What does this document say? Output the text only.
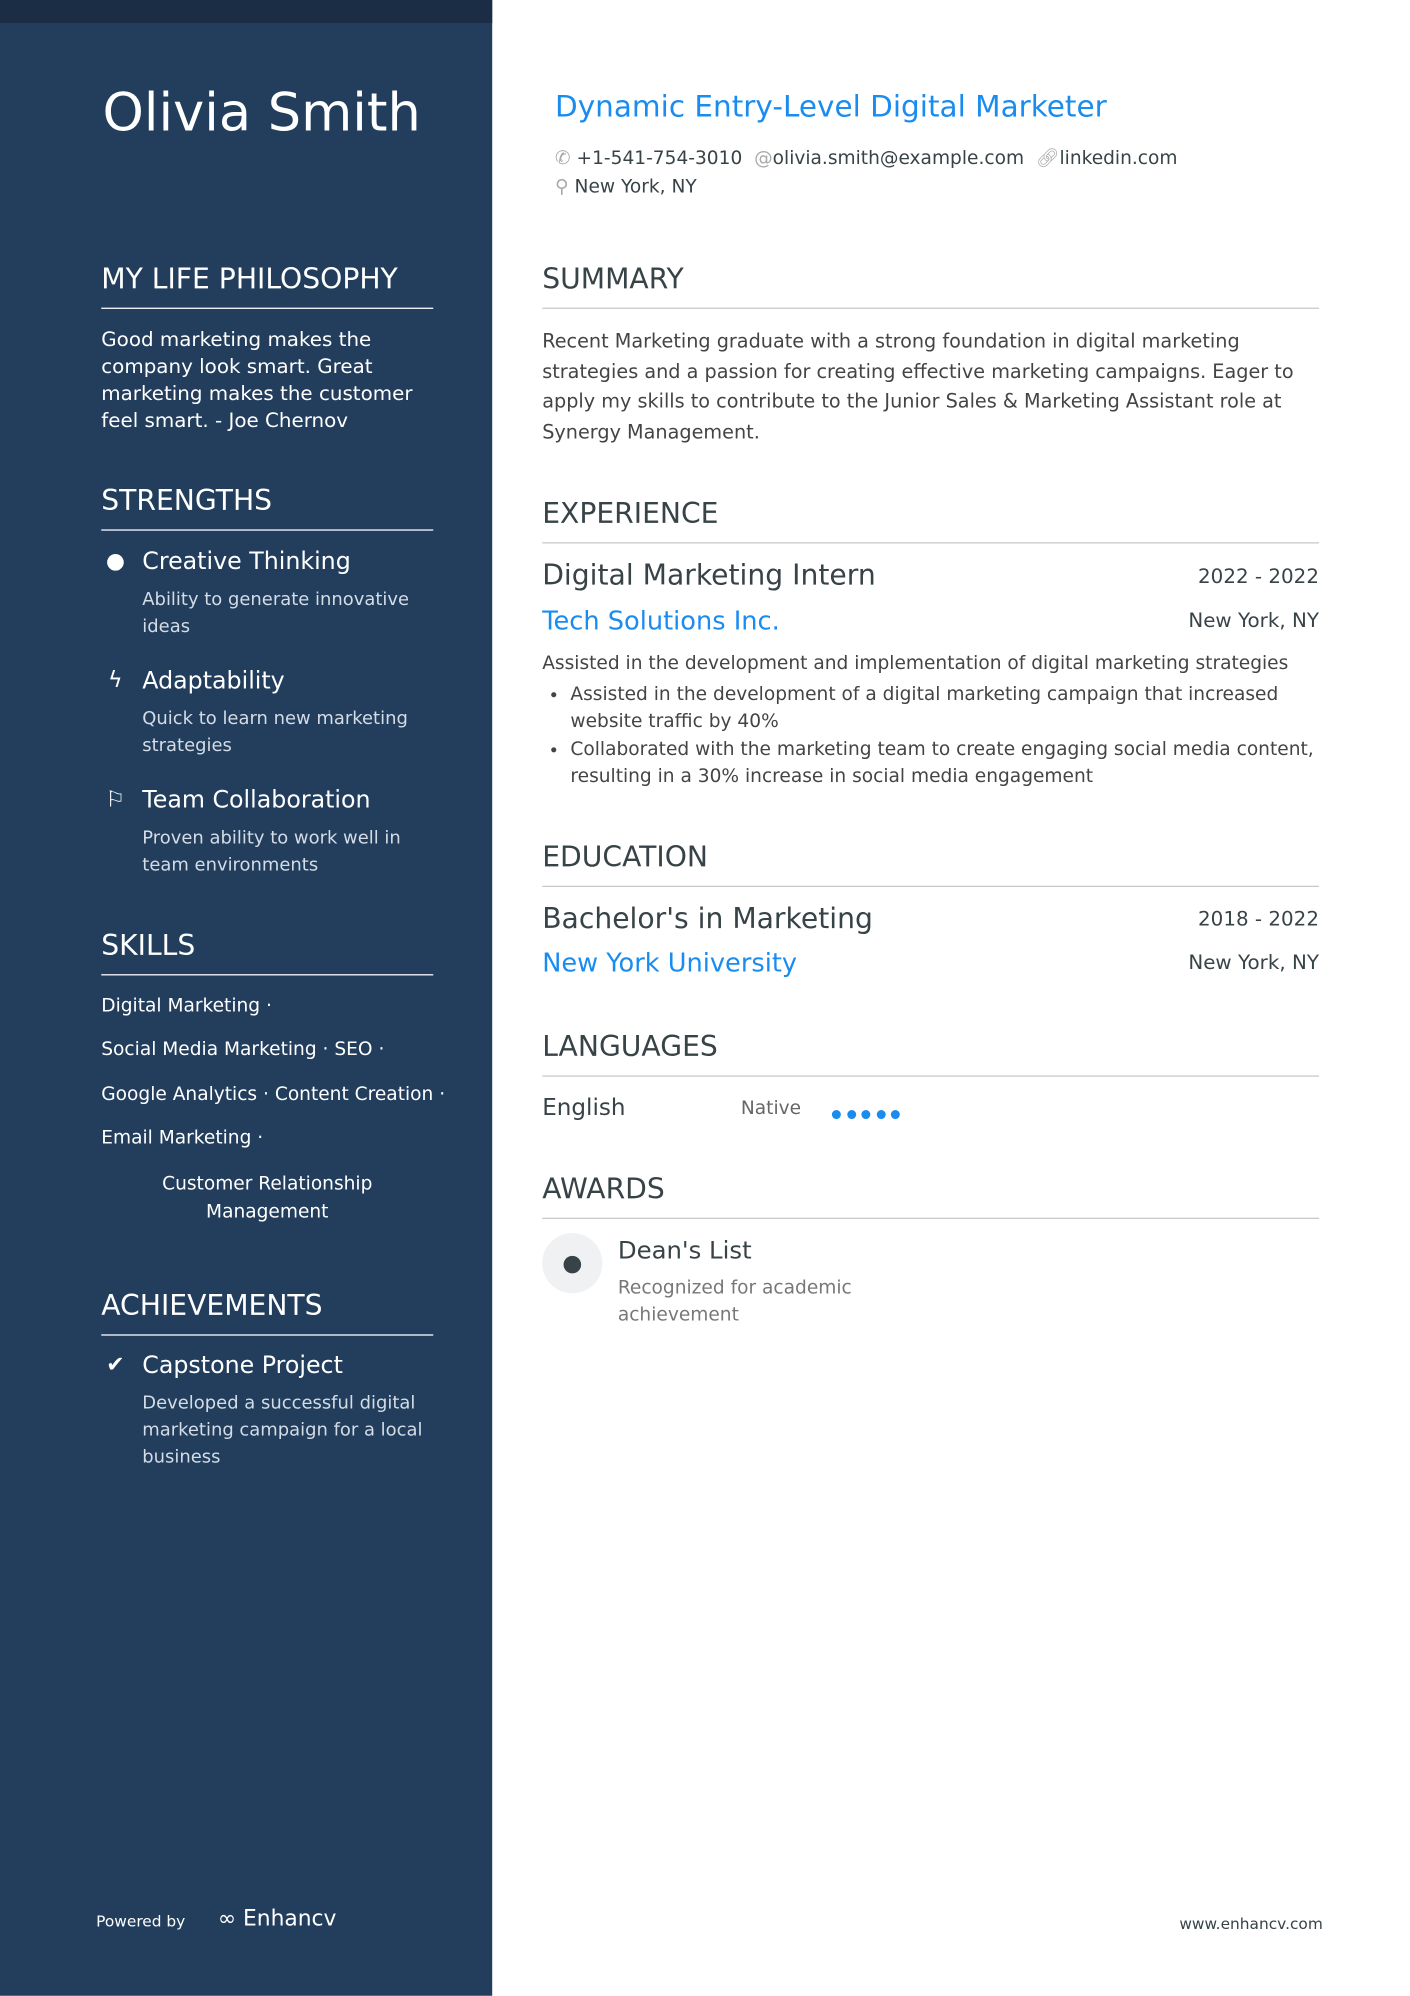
Olivia Smith
MY LIFE PHILOSOPHY
Good marketing makes the company look smart. Great marketing makes the customer feel smart. - Joe Chernov
STRENGTHS
● Creative Thinking
Ability to generate innovative ideas
ϟ	Adaptability
Quick to learn new marketing strategies
⚐ Team Collaboration
Proven ability to work well in team environments
SKILLS
Digital Marketing ·
Social Media Marketing · SEO ·
Google Analytics · Content Creation ·
Email Marketing ·
Customer Relationship Management
ACHIEVEMENTS
✔ Capstone Project
Developed a successful digital marketing campaign for a local business
Powered by ∞ Enhancv
Dynamic Entry-Level Digital Marketer
✆ +1-541-754-3010 @olivia.smith@example.com 🔗︎linkedin.com
⚲ New York, NY
SUMMARY
Recent Marketing graduate with a strong foundation in digital marketing strategies and a passion for creating effective marketing campaigns. Eager to apply my skills to contribute to the Junior Sales & Marketing Assistant role at Synergy Management.
EXPERIENCE
Digital Marketing Intern	2022 - 2022
Tech Solutions Inc.	New York, NY
Assisted in the development and implementation of digital marketing strategies
• Assisted in the development of a digital marketing campaign that increased website traffic by 40%
• Collaborated with the marketing team to create engaging social media content, resulting in a 30% increase in social media engagement
EDUCATION
Bachelor's in Marketing	2018 - 2022
New York University	New York, NY
LANGUAGES
English	Native
AWARDS
●	Dean's List
Recognized for academic achievement
www.enhancv.com
